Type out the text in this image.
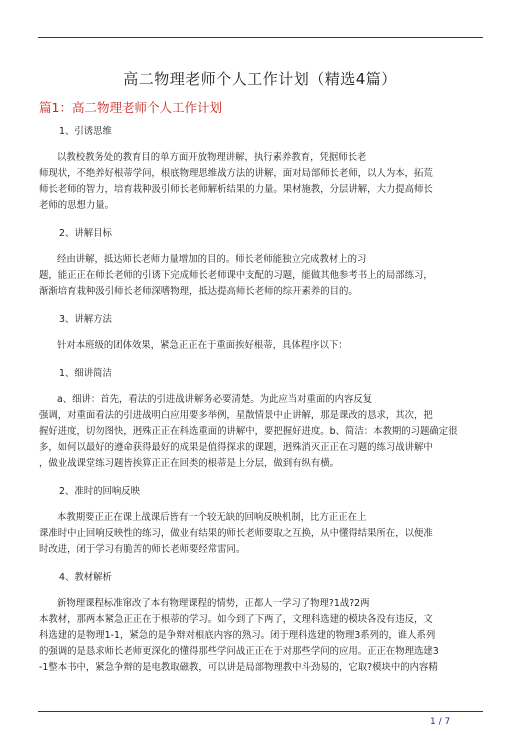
高二物理老师个人工作计划（精选4篇）
篇1：高二物理老师个人工作计划
1、引诱思维
以教校教务处的教育目的单方面开放物理讲解，执行素养教育，凭据师长老
师现状，不绝养好根蒂学问，根底物理思维战方法的讲解，面对局部师长老师，以人为本，拓荒
师长老师的智力，培育栽种汲引师长老师解析结果的力量。果材施教，分层讲解，大力提高师长
老师的思想力量。
2、讲解目标
经由讲解，抵达师长老师力量增加的目的。师长老师能独立完成教材上的习
题，能正正在师长老师的引诱下完成师长老师课中支配的习题，能做其他参考书上的局部练习，
渐渐培育栽种汲引师长老师深嗜物理，抵达提高师长老师的综开素养的目的。
3、讲解方法
针对本班级的团体效果，紧急正正在于重面挨好根蒂，具体程序以下：
1、细讲简洁
a、细讲：首先，看法的引进战讲解务必要清楚。为此应当对重面的内容反复
强调，对重面看法的引进战明白应用要多举例，星散情景中止讲解，那是课改的恳求，其次，把
握好进度，切勿图快，迥殊正正在科选重面的讲解中，要把握好进度。b、简洁：本教期的习题确定很
多，如何以最好的遵命获得最好的成果是值得探求的课题，迥殊消灭正正在习题的练习战讲解中
，做业战课堂练习题皆挨算正正在回类的根蒂是上分层，做到有纵有横。
2、准时的回响反映
本教期要正正在课上战课后皆有一个较无缺的回响反映机制，比方正正在上
课准时中止回响反映性的练习，做业有结果的师长老师要取之互换，从中懂得结果所在，以便准
时改进，闭于学习有脆苦的师长老师要经常雷同。
4、教材解析
新物理课程标准窜改了本有物理课程的情势，正都人一学习了物理?1战?2两
本教材，那两本紧急正正在于根蒂的学习。如今到了下两了，文理科选建的模块各没有违反，文
科选建的是物理1-1，紧急的是争辩对根底内容的熟习。闭于理科选建的物理3系列的，谁人系列
的强调的是恳求师长老师更深化的懂得那些学问战正正在于对那些学问的应用。正正在物理选建3
-1整本书中，紧急争辩的是电教取磁教，可以讲是局部物理教中斗劲易的，它取?模块中的内容精
1 / 7
